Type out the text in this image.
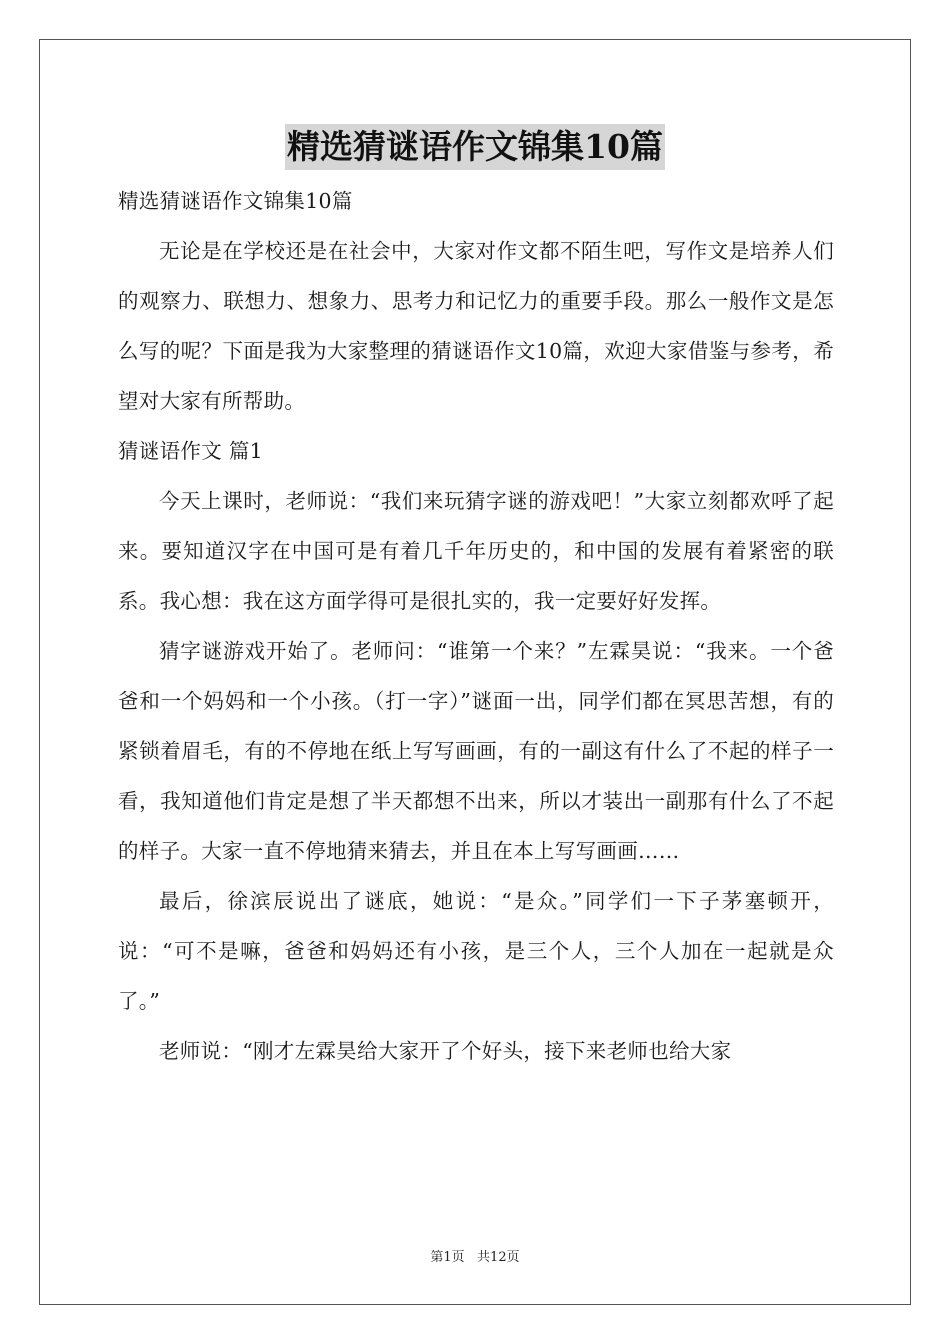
精选猜谜语作文锦集10篇

精选猜谜语作文锦集10篇

无论是在学校还是在社会中，大家对作文都不陌生吧，写作文是培养人们的观察力、联想力、想象力、思考力和记忆力的重要手段。那么一般作文是怎么写的呢？下面是我为大家整理的猜谜语作文10篇，欢迎大家借鉴与参考，希望对大家有所帮助。

猜谜语作文 篇1

今天上课时，老师说：“我们来玩猜字谜的游戏吧！”大家立刻都欢呼了起来。要知道汉字在中国可是有着几千年历史的，和中国的发展有着紧密的联系。我心想：我在这方面学得可是很扎实的，我一定要好好发挥。

猜字谜游戏开始了。老师问：“谁第一个来？”左霖昊说：“我来。一个爸爸和一个妈妈和一个小孩。（打一字）”谜面一出，同学们都在冥思苦想，有的紧锁着眉毛，有的不停地在纸上写写画画，有的一副这有什么了不起的样子一看，我知道他们肯定是想了半天都想不出来，所以才装出一副那有什么了不起的样子。大家一直不停地猜来猜去，并且在本上写写画画……

最后，徐滨辰说出了谜底，她说：“是众。”同学们一下子茅塞顿开，说：“可不是嘛，爸爸和妈妈还有小孩，是三个人，三个人加在一起就是众了。”

老师说：“刚才左霖昊给大家开了个好头，接下来老师也给大家

第1页   共12页
